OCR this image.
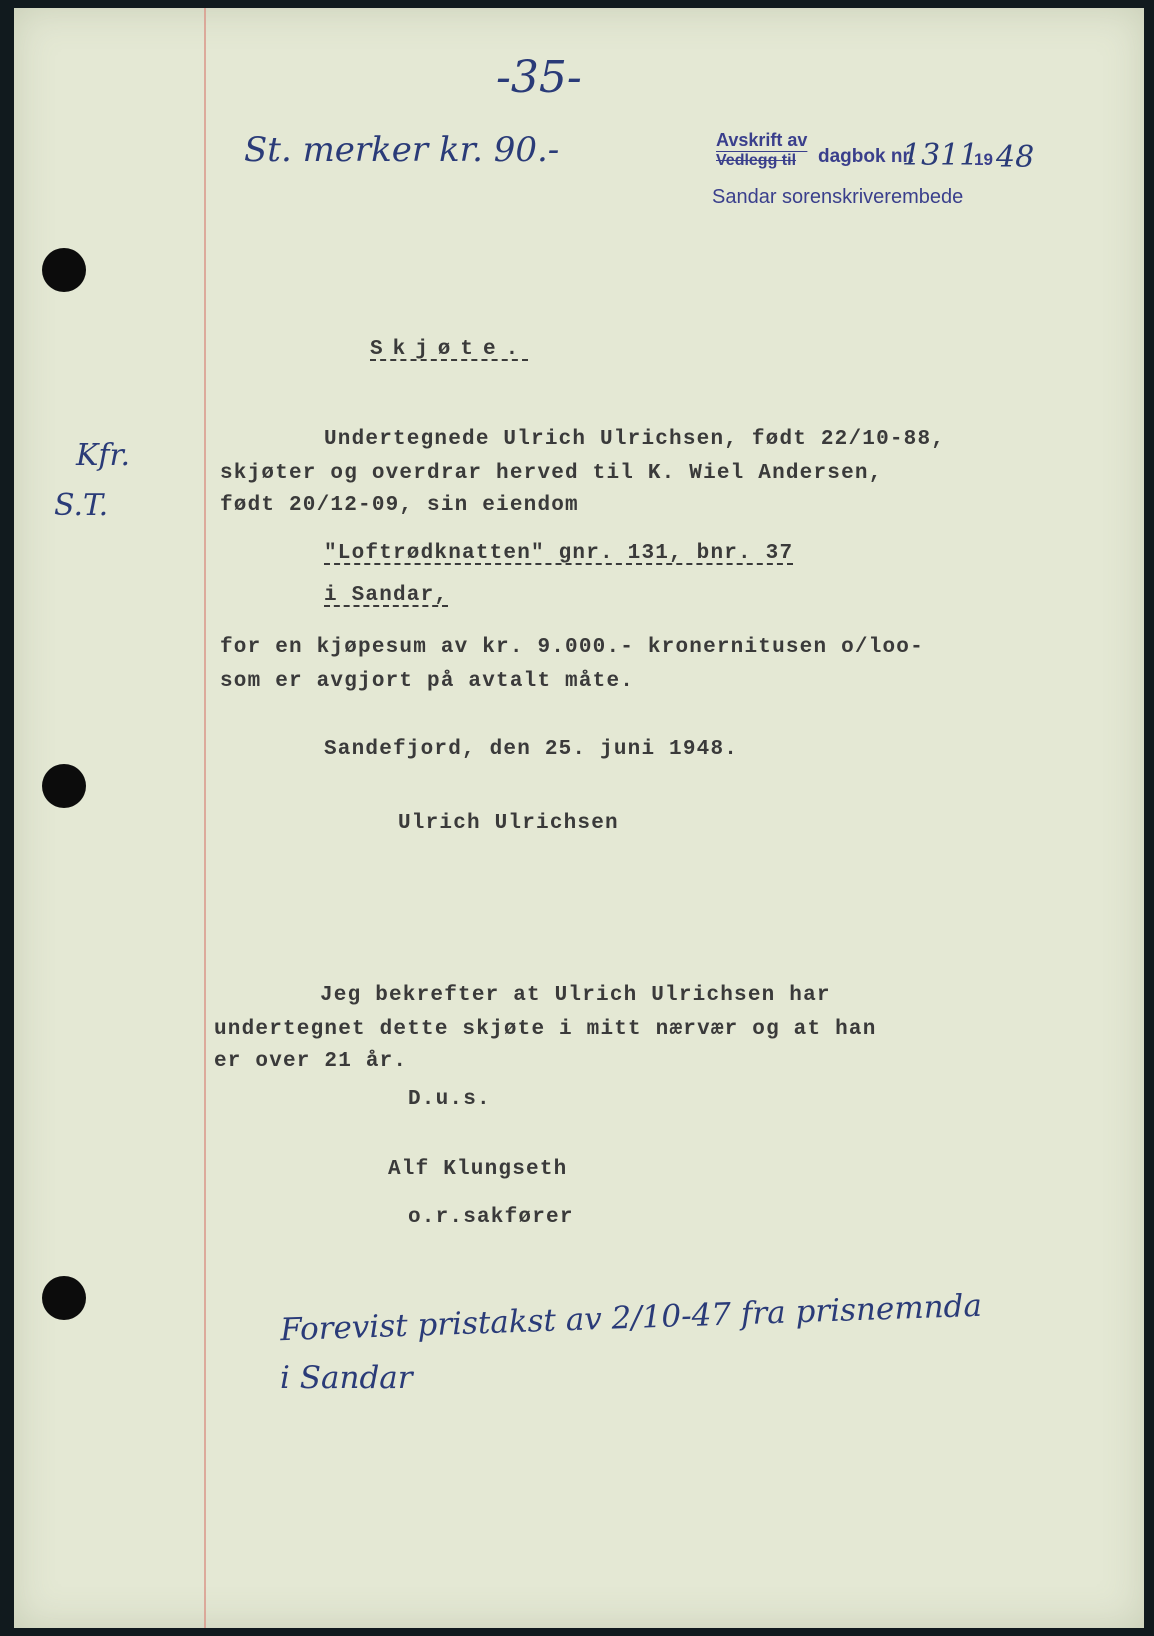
-35-
St. merker kr. 90.-
Kfr.
S.T.
Avskrift av
Vedlegg til dagbok nr.
1311
19 48
Sandar sorenskriverembede
Skjøte.
Undertegnede Ulrich Ulrichsen, født 22/10-88,
skjøter og overdrar herved til K. Wiel Andersen,
født 20/12-09, sin eiendom
"Loftrødknatten" gnr. 131, bnr. 37
i Sandar,
for en kjøpesum av kr. 9.000.- kronernitusen o/loo-
som er avgjort på avtalt måte.
Sandefjord, den 25. juni 1948.
Ulrich Ulrichsen
Jeg bekrefter at Ulrich Ulrichsen har
undertegnet dette skjøte i mitt nærvær og at han
er over 21 år.
D.u.s.
Alf Klungseth
o.r.sakfører
Forevist pristakst av 2/10-47 fra prisnemnda
i Sandar
